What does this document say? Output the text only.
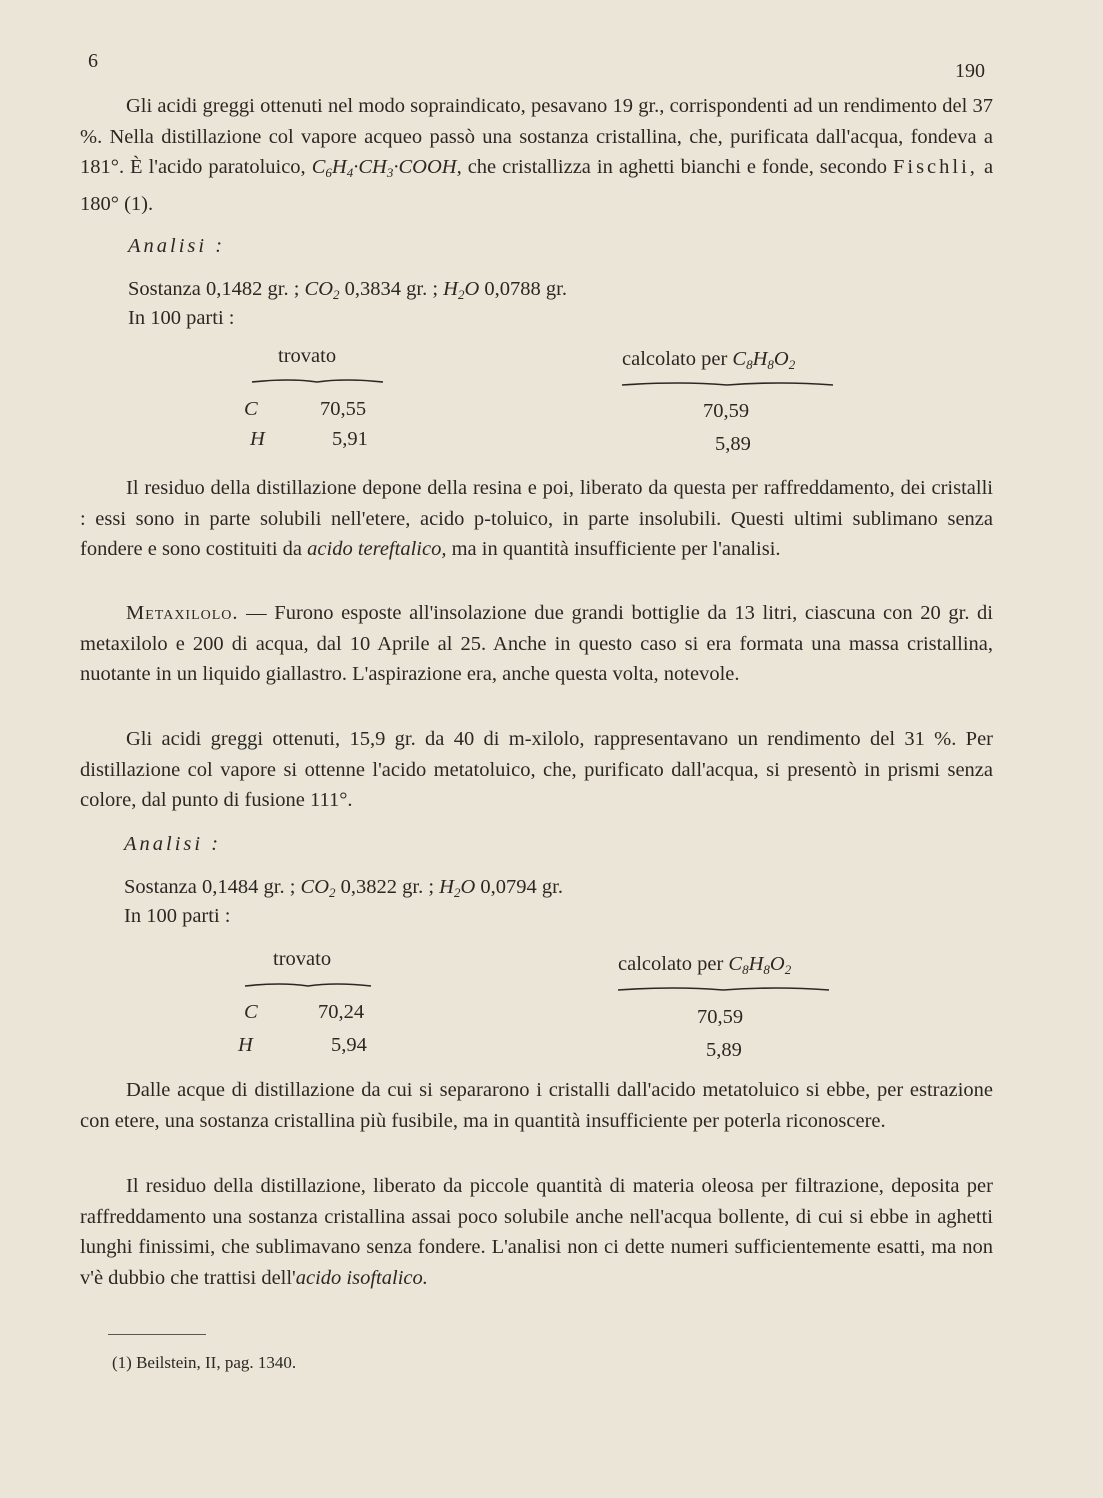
6	190

Gli acidi greggi ottenuti nel modo sopraindicato, pesavano 19 gr., corrispondenti ad un rendimento del 37 %. Nella distillazione col vapore acqueo passò una sostanza cristallina, che, purificata dall'acqua, fondeva a 181°. È l'acido paratoluico, $C_6H_4\cdot CH_3\cdot COOH$, che cristallizza in aghetti bianchi e fonde, secondo Fischli, a 180° (1).

Analisi :
Sostanza 0,1482 gr. ; $CO_2$ 0,3834 gr. ; $H_2O$ 0,0788 gr.
In 100 parti :
trovato	calcolato per $C_8H_8O_2$
C	70,55	70,59
H	5,91	5,89

Il residuo della distillazione depone della resina e poi, liberato da questa per raffreddamento, dei cristalli : essi sono in parte solubili nell'etere, acido p-toluico, in parte insolubili. Questi ultimi sublimano senza fondere e sono costituiti da acido tereftalico, ma in quantità insufficiente per l'analisi.

Metaxilolo. — Furono esposte all'insolazione due grandi bottiglie da 13 litri, ciascuna con 20 gr. di metaxilolo e 200 di acqua, dal 10 Aprile al 25. Anche in questo caso si era formata una massa cristallina, nuotante in un liquido giallastro. L'aspirazione era, anche questa volta, notevole.

Gli acidi greggi ottenuti, 15,9 gr. da 40 di m-xilolo, rappresentavano un rendimento del 31 %. Per distillazione col vapore si ottenne l'acido metatoluico, che, purificato dall'acqua, si presentò in prismi senza colore, dal punto di fusione 111°.

Analisi :
Sostanza 0,1484 gr. ; $CO_2$ 0,3822 gr. ; $H_2O$ 0,0794 gr.
In 100 parti :
trovato	calcolato per $C_8H_8O_2$
C	70,24	70,59
H	5,94	5,89

Dalle acque di distillazione da cui si separarono i cristalli dall'acido metatoluico si ebbe, per estrazione con etere, una sostanza cristallina più fusibile, ma in quantità insufficiente per poterla riconoscere.

Il residuo della distillazione, liberato da piccole quantità di materia oleosa per filtrazione, deposita per raffreddamento una sostanza cristallina assai poco solubile anche nell'acqua bollente, di cui si ebbe in aghetti lunghi finissimi, che sublimavano senza fondere. L'analisi non ci dette numeri sufficientemente esatti, ma non v'è dubbio che trattisi dell'acido isoftalico.

(1) Beilstein, II, pag. 1340.
